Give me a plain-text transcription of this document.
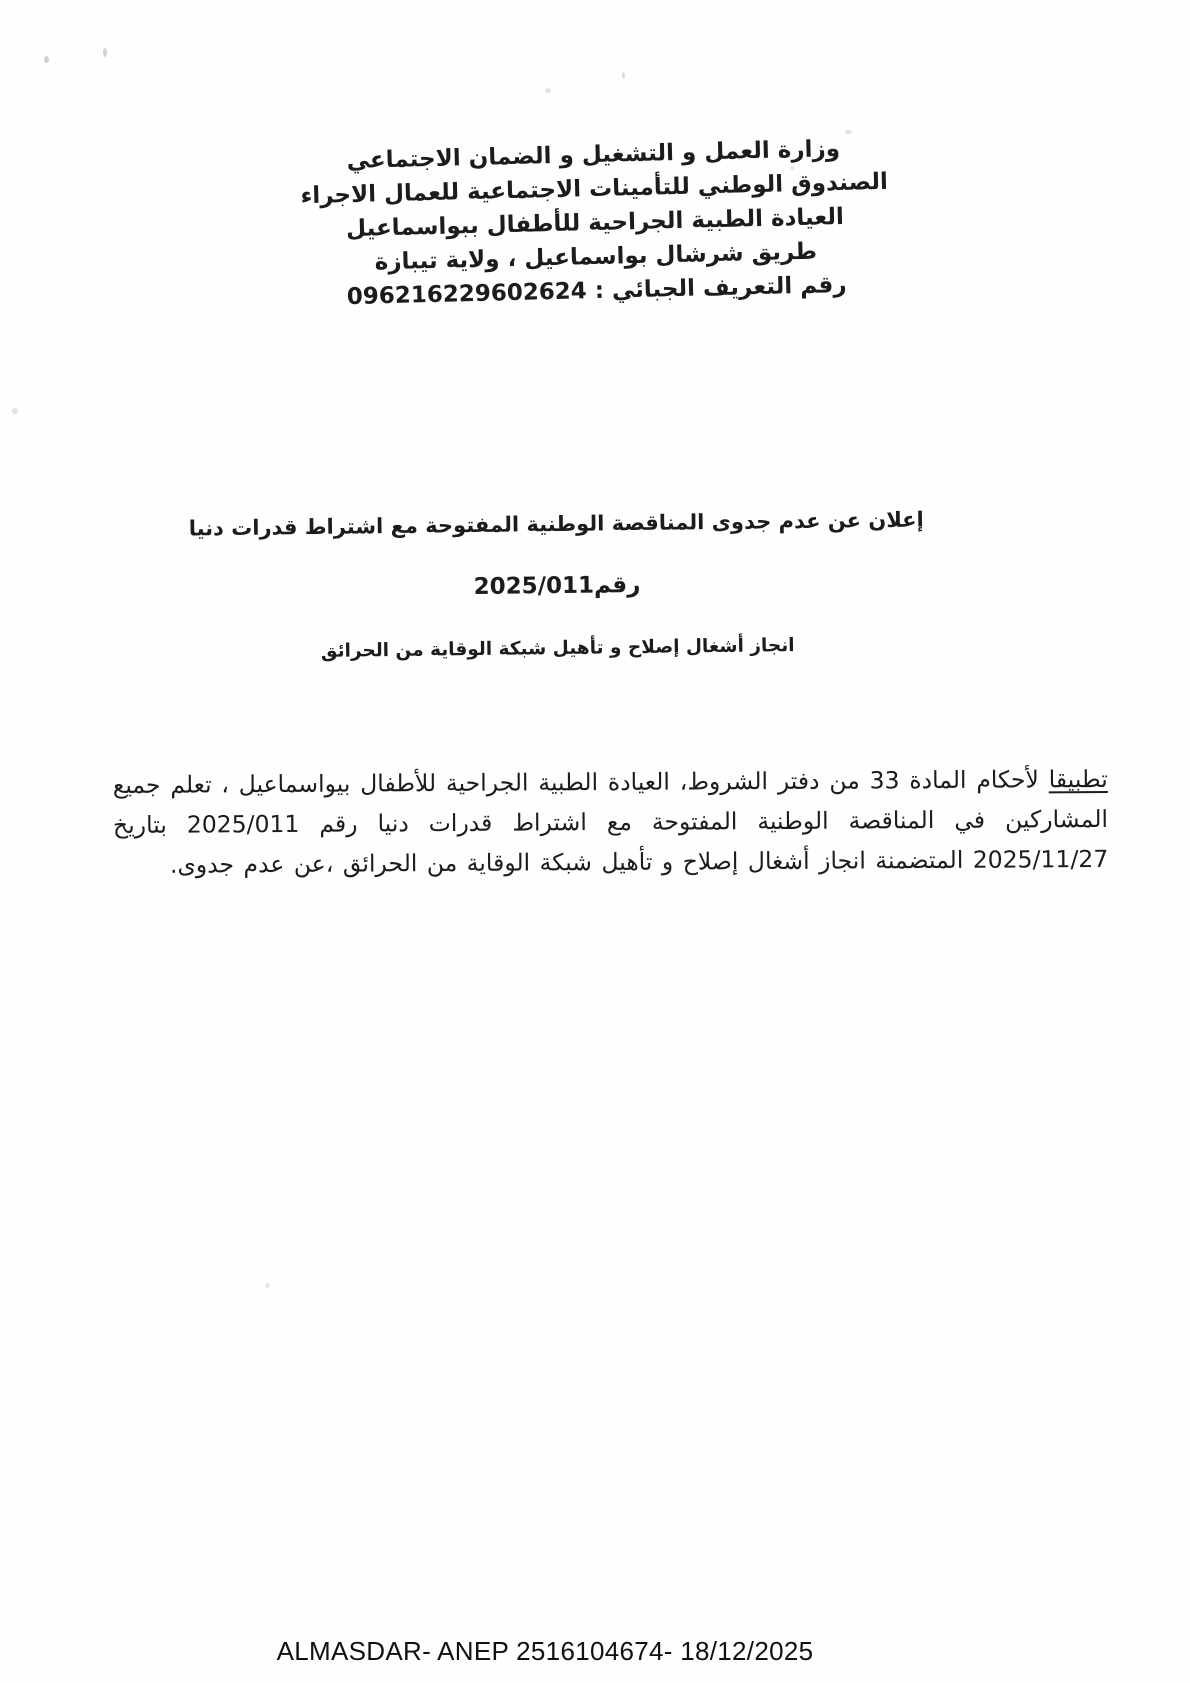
وزارة العمل و التشغيل و الضمان الاجتماعي
الصندوق الوطني للتأمينات الاجتماعية للعمال الاجراء
العيادة الطبية الجراحية للأطفال ببواسماعيل
طريق شرشال بواسماعيل ، ولاية تيبازة
رقم التعريف الجبائي : 096216229602624
إعلان عن عدم جدوى المناقصة الوطنية المفتوحة مع اشتراط قدرات دنيا
رقم2025/011
انجاز أشغال إصلاح و تأهيل شبكة الوقاية من الحرائق

تطبيقا لأحكام المادة 33 من دفتر الشروط، العيادة الطبية الجراحية للأطفال بيواسماعيل ، تعلم جميع المشاركين في المناقصة الوطنية المفتوحة مع اشتراط قدرات دنيا رقم 2025/011 بتاريخ 2025/11/27 المتضمنة انجاز أشغال إصلاح و تأهيل شبكة الوقاية من الحرائق ،عن عدم جدوى.

ALMASDAR- ANEP 2516104674- 18/12/2025
